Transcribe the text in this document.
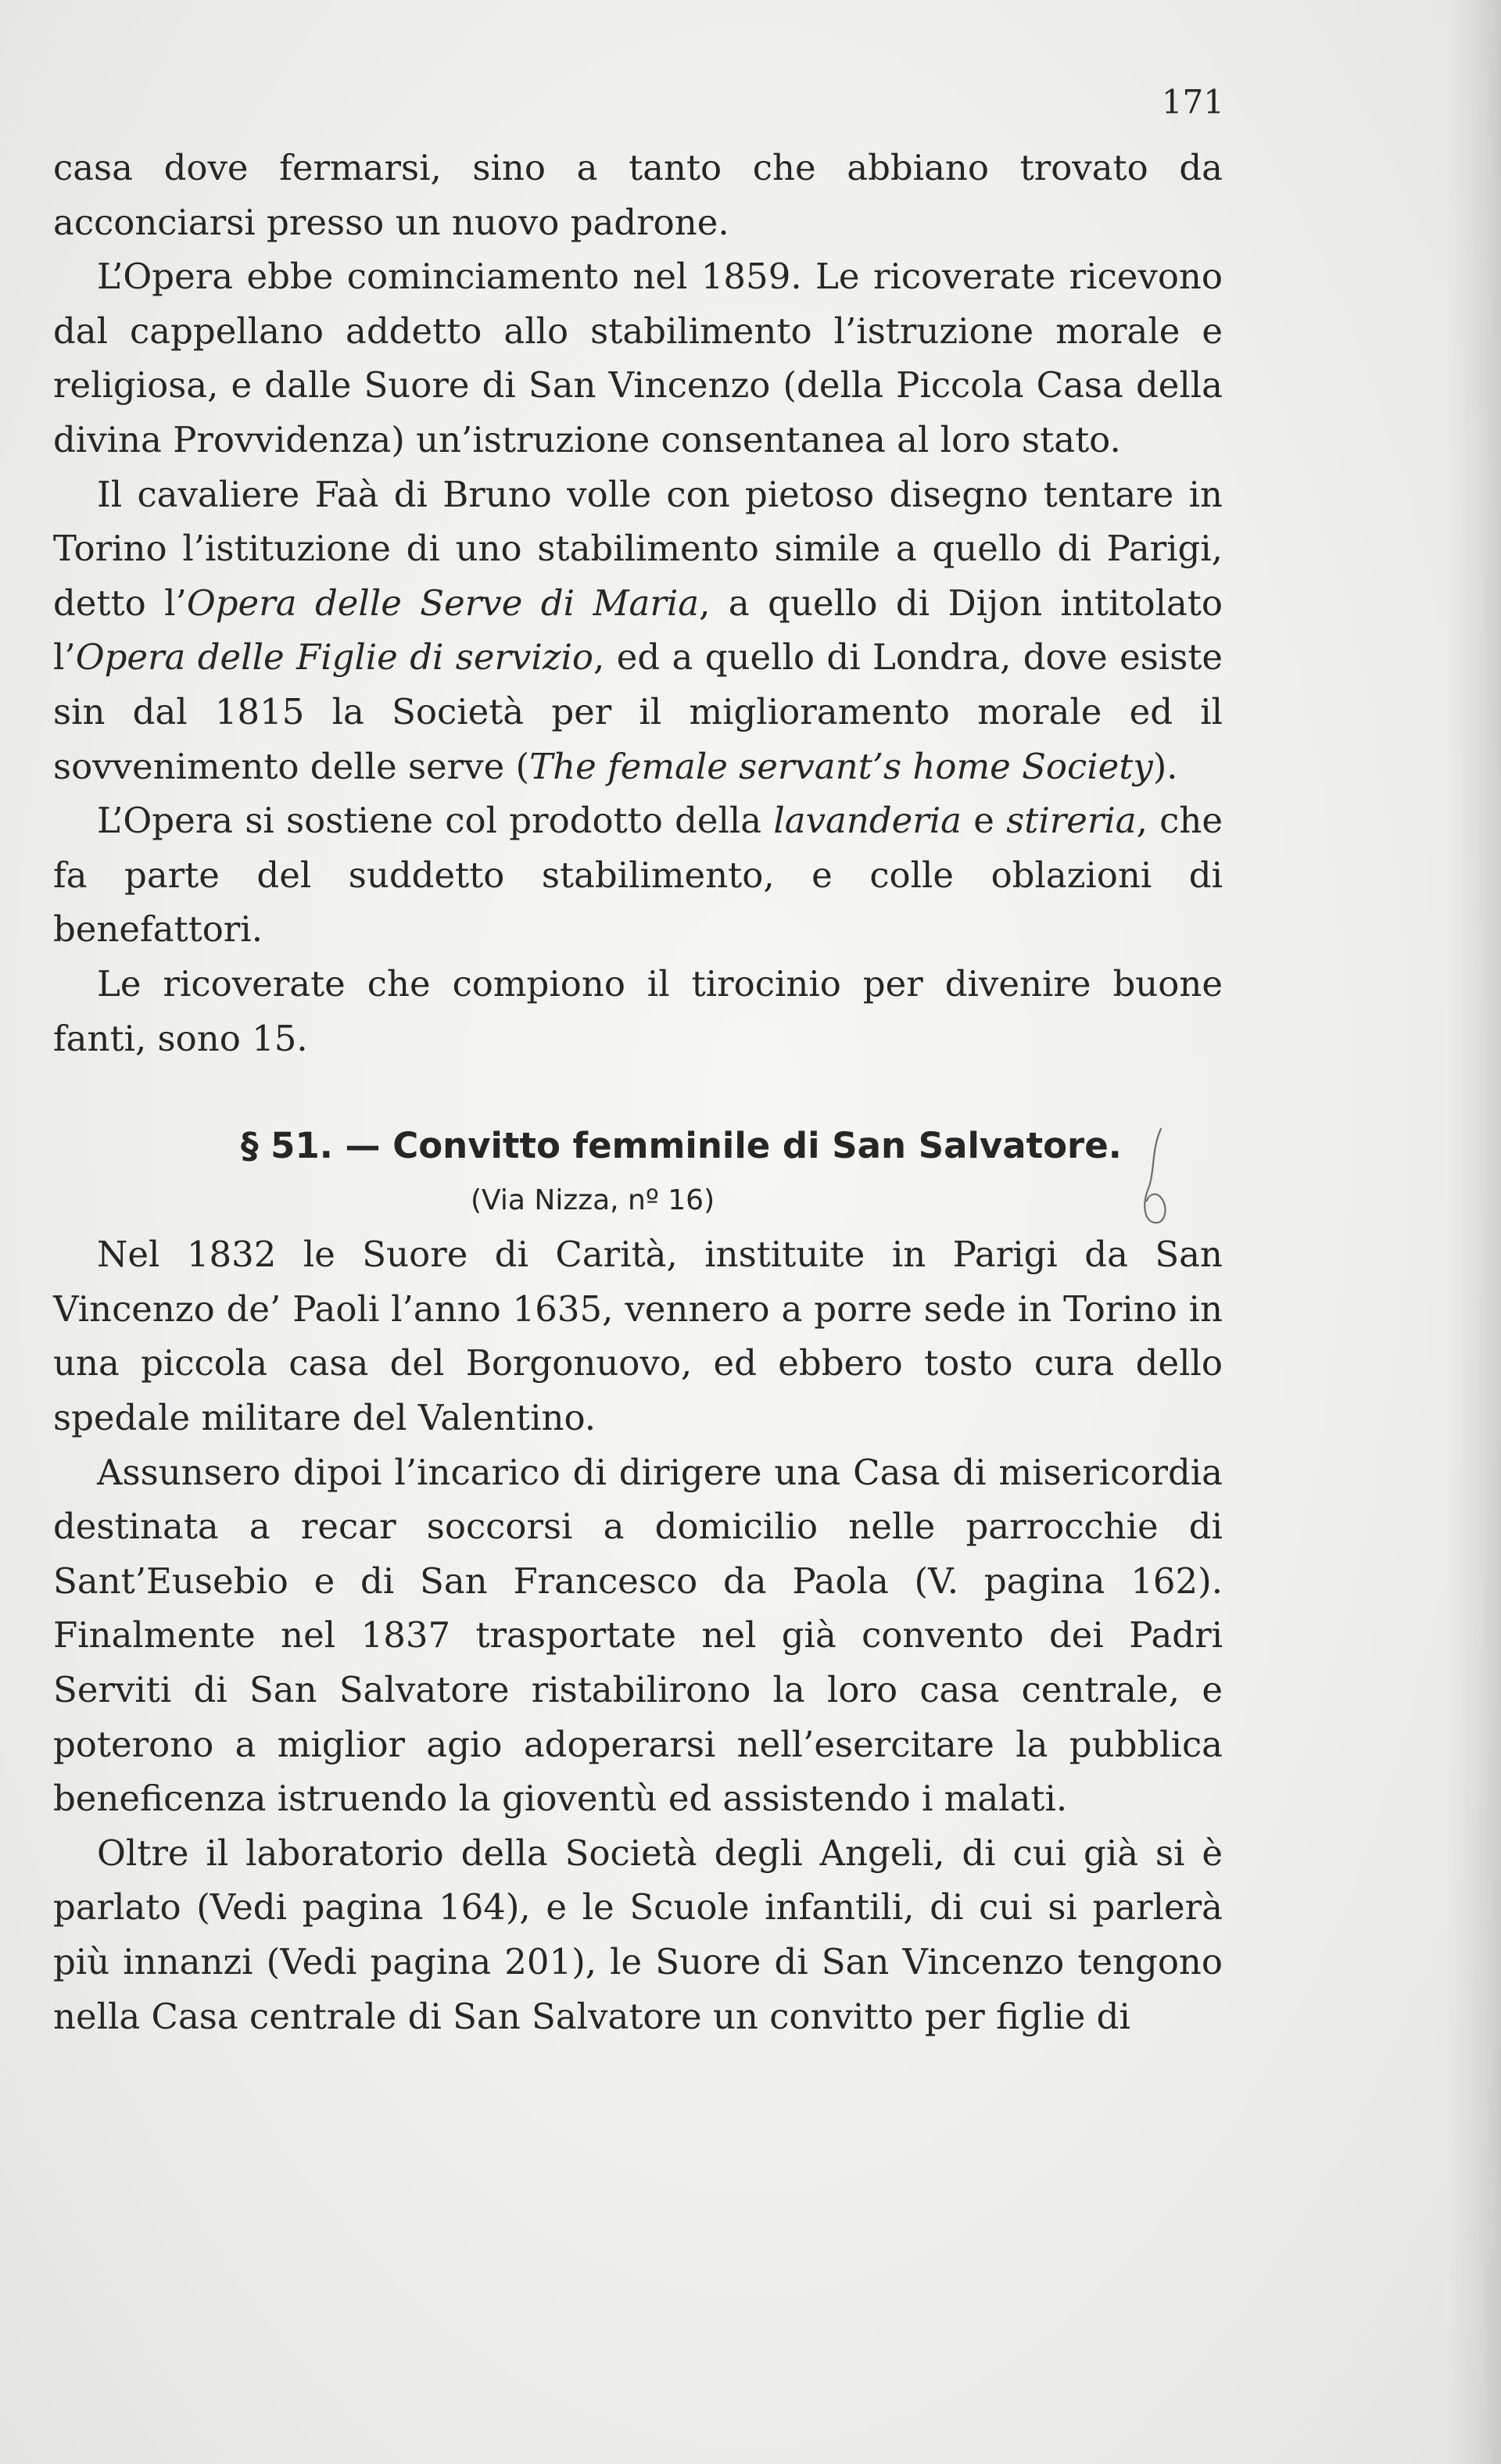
171

casa dove fermarsi, sino a tanto che abbiano trovato da acconciarsi presso un nuovo padrone.

L’Opera ebbe cominciamento nel 1859. Le ricoverate ricevono dal cappellano addetto allo stabilimento l’istruzione morale e religiosa, e dalle Suore di San Vincenzo (della Piccola Casa della divina Provvidenza) un’istruzione consentanea al loro stato.

Il cavaliere Faà di Bruno volle con pietoso disegno tentare in Torino l’istituzione di uno stabilimento simile a quello di Parigi, detto l’Opera delle Serve di Maria, a quello di Dijon intitolato l’Opera delle Figlie di servizio, ed a quello di Londra, dove esiste sin dal 1815 la Società per il miglioramento morale ed il sovvenimento delle serve (The female servant’s home Society).

L’Opera si sostiene col prodotto della lavanderia e stireria, che fa parte del suddetto stabilimento, e colle oblazioni di benefattori.

Le ricoverate che compiono il tirocinio per divenire buone fanti, sono 15.

§ 51. — Convitto femminile di San Salvatore.

(Via Nizza, nº 16)

Nel 1832 le Suore di Carità, instituite in Parigi da San Vincenzo de’ Paoli l’anno 1635, vennero a porre sede in Torino in una piccola casa del Borgonuovo, ed ebbero tosto cura dello spedale militare del Valentino.

Assunsero dipoi l’incarico di dirigere una Casa di misericordia destinata a recar soccorsi a domicilio nelle parrocchie di Sant’Eusebio e di San Francesco da Paola (V. pagina 162). Finalmente nel 1837 trasportate nel già convento dei Padri Serviti di San Salvatore ristabilirono la loro casa centrale, e poterono a miglior agio adoperarsi nell’esercitare la pubblica beneficenza istruendo la gioventù ed assistendo i malati.

Oltre il laboratorio della Società degli Angeli, di cui già si è parlato (Vedi pagina 164), e le Scuole infantili, di cui si parlerà più innanzi (Vedi pagina 201), le Suore di San Vincenzo tengono nella Casa centrale di San Salvatore un convitto per figlie di
